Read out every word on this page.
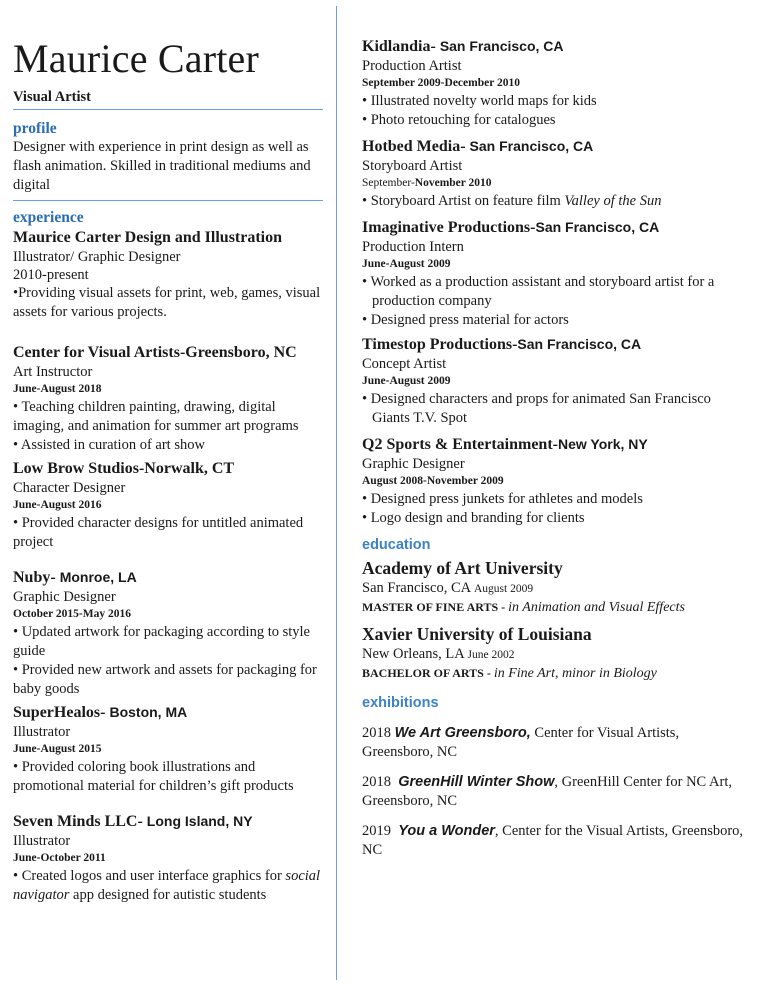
Maurice Carter
Visual Artist
profile

Designer with experience in print design as well as flash animation. Skilled in traditional mediums and digital

experience
Maurice Carter Design and Illustration
Illustrator/ Graphic Designer
2010-present

•Providing visual assets for print, web, games, visual assets for various projects.

Center for Visual Artists-Greensboro, NC
Art Instructor
June-August 2018

• Teaching children painting, drawing, digital imaging, and animation for summer art programs

• Assisted in curation of art show

Low Brow Studios-Norwalk, CT
Character Designer
June-August 2016

• Provided character designs for untitled animated project

Nuby- Monroe, LA
Graphic Designer
October 2015-May 2016

• Updated artwork for packaging according to style guide

• Provided new artwork and assets for packaging for baby goods

SuperHealos- Boston, MA
Illustrator
June-August 2015

• Provided coloring book illustrations and promotional material for children’s gift products

Seven Minds LLC- Long Island, NY
Illustrator
June-October 2011

• Created logos and user interface graphics for social navigator app designed for autistic students

Kidlandia- San Francisco, CA
Production Artist
September 2009-December 2010

• Illustrated novelty world maps for kids

• Photo retouching for catalogues

Hotbed Media- San Francisco, CA
Storyboard Artist
September-November 2010

• Storyboard Artist on feature film Valley of the Sun

Imaginative Productions-San Francisco, CA
Production Intern
June-August 2009

• Worked as a production assistant and storyboard artist for a production company

• Designed press material for actors

Timestop Productions-San Francisco, CA
Concept Artist
June-August 2009

• Designed characters and props for animated San Francisco Giants T.V. Spot

Q2 Sports & Entertainment-New York, NY
Graphic Designer
August 2008-November 2009

• Designed press junkets for athletes and models

• Logo design and branding for clients

education
Academy of Art University
San Francisco, CA August 2009

MASTER OF FINE ARTS - in Animation and Visual Effects

Xavier University of Louisiana
New Orleans, LA June 2002

BACHELOR OF ARTS - in Fine Art, minor in Biology

exhibitions

2018 We Art Greensboro, Center for Visual Artists, Greensboro, NC

2018  GreenHill Winter Show, GreenHill Center for NC Art, Greensboro, NC

2019  You a Wonder, Center for the Visual Artists, Greensboro, NC
